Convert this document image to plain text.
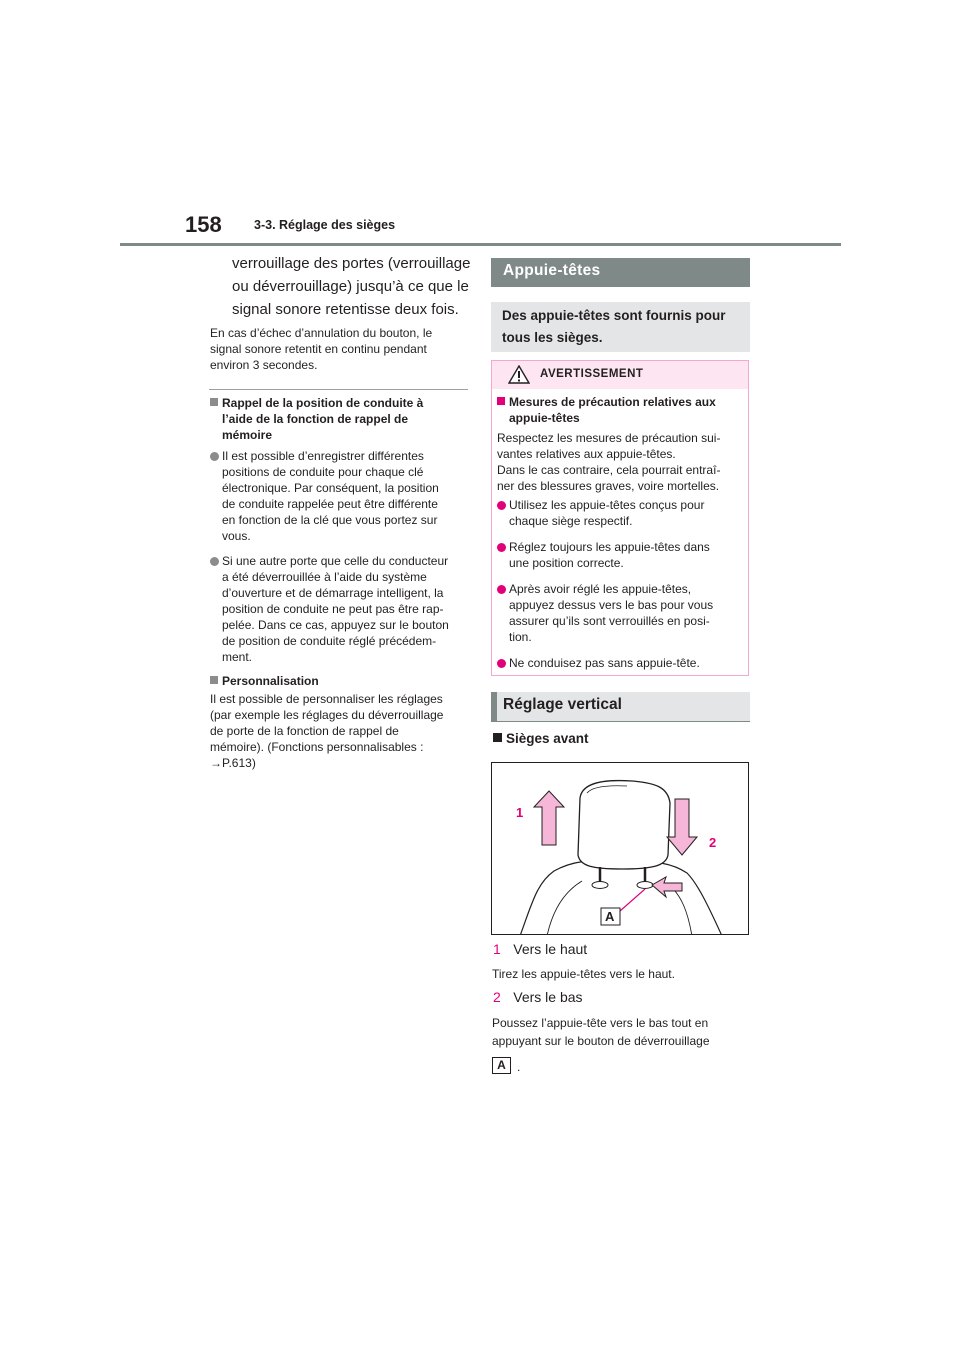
158	3-3. Réglage des sièges
verrouillage des portes (verrouillage
ou déverrouillage) jusqu’à ce que le
signal sonore retentisse deux fois.
En cas d’échec d’annulation du bouton, le
signal sonore retentit en continu pendant
environ 3 secondes.
Rappel de la position de conduite à
l’aide de la fonction de rappel de
mémoire
Il est possible d’enregistrer différentes
positions de conduite pour chaque clé
électronique. Par conséquent, la position
de conduite rappelée peut être différente
en fonction de la clé que vous portez sur
vous.
Si une autre porte que celle du conducteur
a été déverrouillée à l’aide du système
d’ouverture et de démarrage intelligent, la
position de conduite ne peut pas être rap-
pelée. Dans ce cas, appuyez sur le bouton
de position de conduite réglé précédem-
ment.
Personnalisation
Il est possible de personnaliser les réglages
(par exemple les réglages du déverrouillage
de porte de la fonction de rappel de
mémoire). (Fonctions personnalisables :
→P.613)
Appuie-têtes
Des appuie-têtes sont fournis pour
tous les sièges.
AVERTISSEMENT
Mesures de précaution relatives aux
appuie-têtes
Respectez les mesures de précaution sui-
vantes relatives aux appuie-têtes.
Dans le cas contraire, cela pourrait entraî-
ner des blessures graves, voire mortelles.
Utilisez les appuie-têtes conçus pour
chaque siège respectif.
Réglez toujours les appuie-têtes dans
une position correcte.
Après avoir réglé les appuie-têtes,
appuyez dessus vers le bas pour vous
assurer qu’ils sont verrouillés en posi-
tion.
Ne conduisez pas sans appuie-tête.
Réglage vertical
Sièges avant
1
2
A
1 Vers le haut
Tirez les appuie-têtes vers le haut.
2 Vers le bas
Poussez l’appuie-tête vers le bas tout en
appuyant sur le bouton de déverrouillage
A .
